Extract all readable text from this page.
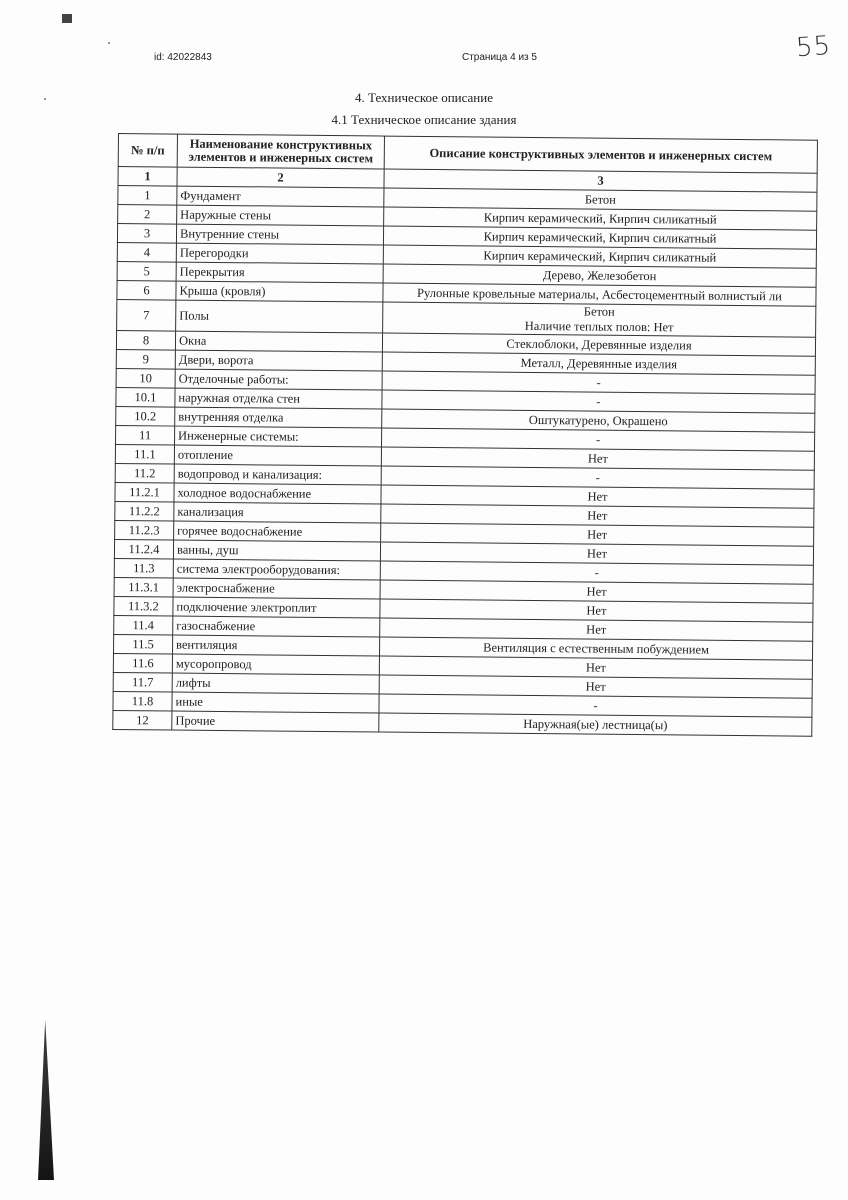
id: 42022843	Страница 4 из 5	55
4. Техническое описание
4.1 Техническое описание здания
№ п/п	Наименование конструктивных элементов и инженерных систем	Описание конструктивных элементов и инженерных систем
1	2	3
1	Фундамент	Бетон
2	Наружные стены	Кирпич керамический, Кирпич силикатный
3	Внутренние стены	Кирпич керамический, Кирпич силикатный
4	Перегородки	Кирпич керамический, Кирпич силикатный
5	Перекрытия	Дерево, Железобетон
6	Крыша (кровля)	Рулонные кровельные материалы, Асбестоцементный волнистый ли
7	Полы	Бетон
Наличие теплых полов: Нет

8	Окна	Стеклоблоки, Деревянные изделия
9	Двери, ворота	Металл, Деревянные изделия
10	Отделочные работы:	-
10.1	наружная отделка стен	-
10.2	внутренняя отделка	Оштукатурено, Окрашено
11	Инженерные системы:	-
11.1	отопление	Нет
11.2	водопровод и канализация:	-
11.2.1	холодное водоснабжение	Нет
11.2.2	канализация	Нет
11.2.3	горячее водоснабжение	Нет
11.2.4	ванны, душ	Нет
11.3	система электрооборудования:	-
11.3.1	электроснабжение	Нет
11.3.2	подключение электроплит	Нет
11.4	газоснабжение	Нет
11.5	вентиляция	Вентиляция с естественным побуждением
11.6	мусоропровод	Нет
11.7	лифты	Нет
11.8	иные	-
12	Прочие	Наружная(ые) лестница(ы)
